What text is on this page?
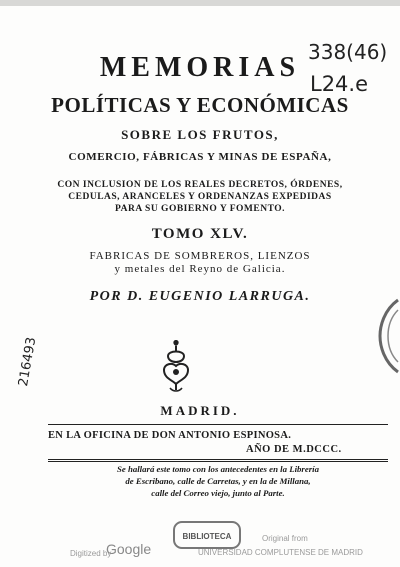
338(46)
L24.e
MEMORIAS
POLÍTICAS Y ECONÓMICAS
SOBRE LOS FRUTOS,
COMERCIO, FÁBRICAS Y MINAS DE ESPAÑA,
CON INCLUSION DE LOS REALES DECRETOS, ÓRDENES,
CEDULAS, ARANCELES Y ORDENANZAS EXPEDIDAS
PARA SU GOBIERNO Y FOMENTO.
TOMO XLV.
FABRICAS DE SOMBREROS, LIENZOS
y metales del Reyno de Galicia.
POR D. EUGENIO LARRUGA.
216493
MADRID.
EN LA OFICINA DE DON ANTONIO ESPINOSA.
AÑO DE M.DCCC.
Se hallará este tomo con los antecedentes en la Librería
de Escribano, calle de Carretas, y en la de Millana,
calle del Correo viejo, junto al Parte.
BIBLIOTECA
Digitized by
Google
Original from
UNIVERSIDAD COMPLUTENSE DE MADRID
